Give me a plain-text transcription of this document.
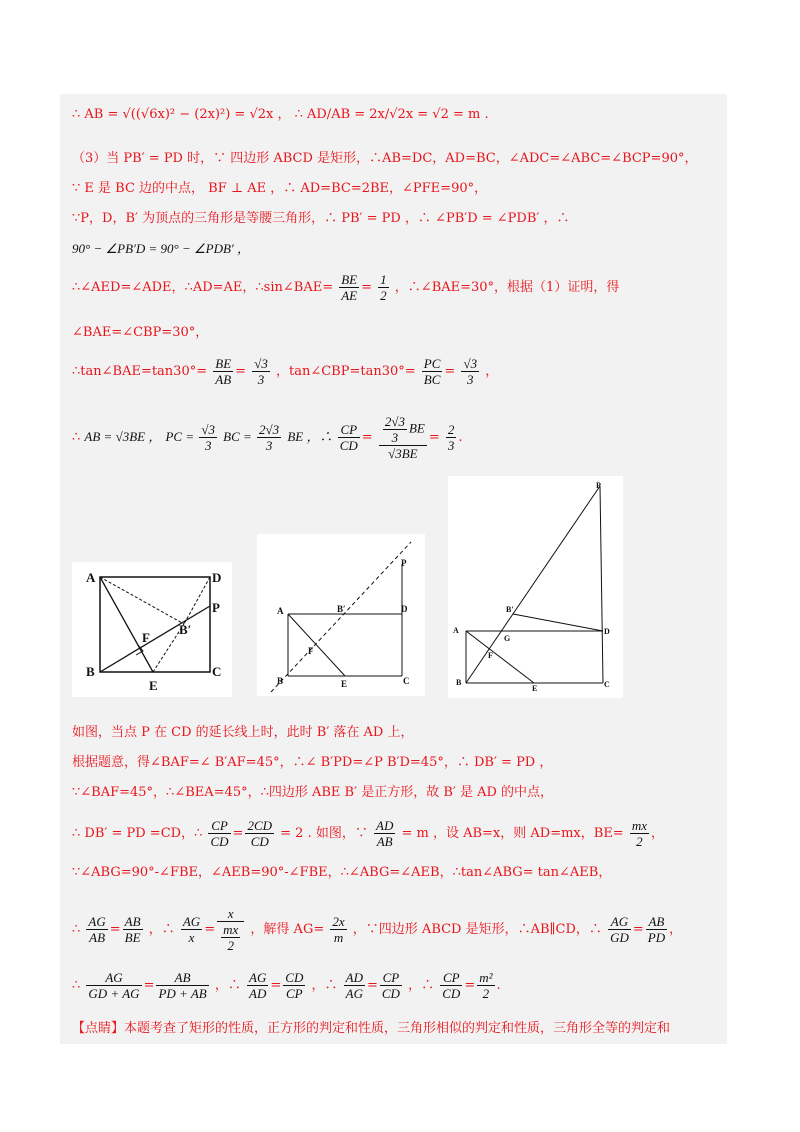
∴ AB = √((√6x)² − (2x)²) = √2x ， ∴ AD/AB = 2x/√2x = √2 = m .
（3）当 PB′ = PD 时，∵ 四边形 ABCD 是矩形，∴AB=DC，AD=BC，∠ADC=∠ABC=∠BCP=90°，
∵ E 是 BC 边的中点， BF ⊥ AE ，∴ AD=BC=2BE，∠PFE=90°，
∵P，D，B′ 为顶点的三角形是等腰三角形，∴ PB′ = PD ，∴ ∠PB′D = ∠PDB′ ，∴
90° − ∠PB′D = 90° − ∠PDB′ ，
∴∠AED=∠ADE，∴AD=AE，∴sin∠BAE= $\frac{BE}{AE} = \frac{1}{2}$ ，∴∠BAE=30°，根据（1）证明，得
∠BAE=∠CBP=30°，
∴tan∠BAE=tan30°= $\frac{BE}{AB} = \frac{√3}{3}$ ，tan∠CBP=tan30°= $\frac{PC}{BC} = \frac{√3}{3}$ ，
∴ AB = √3BE ， PC = $\frac{√3}{3}$ BC = $\frac{2√3}{3}$ BE ，∴ $\frac{CP}{CD} = \frac{\frac{2√3}{3} BE}{√3BE} = \frac{2}{3}$ .
A
B	C
D
E
F
P
B′
A
B	C
D
E
F
P
B′
A
B	C
D
E
F
G
P
B′
如图，当点 P 在 CD 的延长线上时，此时 B′ 落在 AD 上，
根据题意，得∠BAF=∠ B′AF=45°，∴∠ B′PD=∠P B′D=45°，∴ DB′ = PD ，
∵∠BAF=45°，∴∠BEA=45°，∴四边形 ABE B′ 是正方形，故 B′ 是 AD 的中点，
∴ DB′ = PD =CD，∴ $\frac{CP}{CD} = \frac{2CD}{CD} = 2$ . 如图，∵ $\frac{AD}{AB} = m$ ，设 AB=x，则 AD=mx，$BE= \frac{mx}{2}$ ，
∵∠ABG=90°-∠FBE，∠AEB=90°-∠FBE，∴∠ABG=∠AEB，∴tan∠ABG= tan∠AEB，
∴ $\frac{AG}{AB} = \frac{AB}{BE}$ ，∴ $\frac{AG}{x} = \frac{x}{\frac{mx}{2}}$ ，解得 $AG= \frac{2x}{m}$ ，∵四边形 ABCD 是矩形，∴AB∥CD，∴ $\frac{AG}{GD} = \frac{AB}{PD}$ ，
∴ $\frac{AG}{GD + AG} = \frac{AB}{PD + AB}$ ，∴ $\frac{AG}{AD} = \frac{CD}{CP}$ ，∴ $\frac{AD}{AG} = \frac{CP}{CD}$ ，∴ $\frac{CP}{CD} = \frac{\text{m²}}{2}$ .
【点睛】本题考查了矩形的性质，正方形的判定和性质，三角形相似的判定和性质，三角形全等的判定和
